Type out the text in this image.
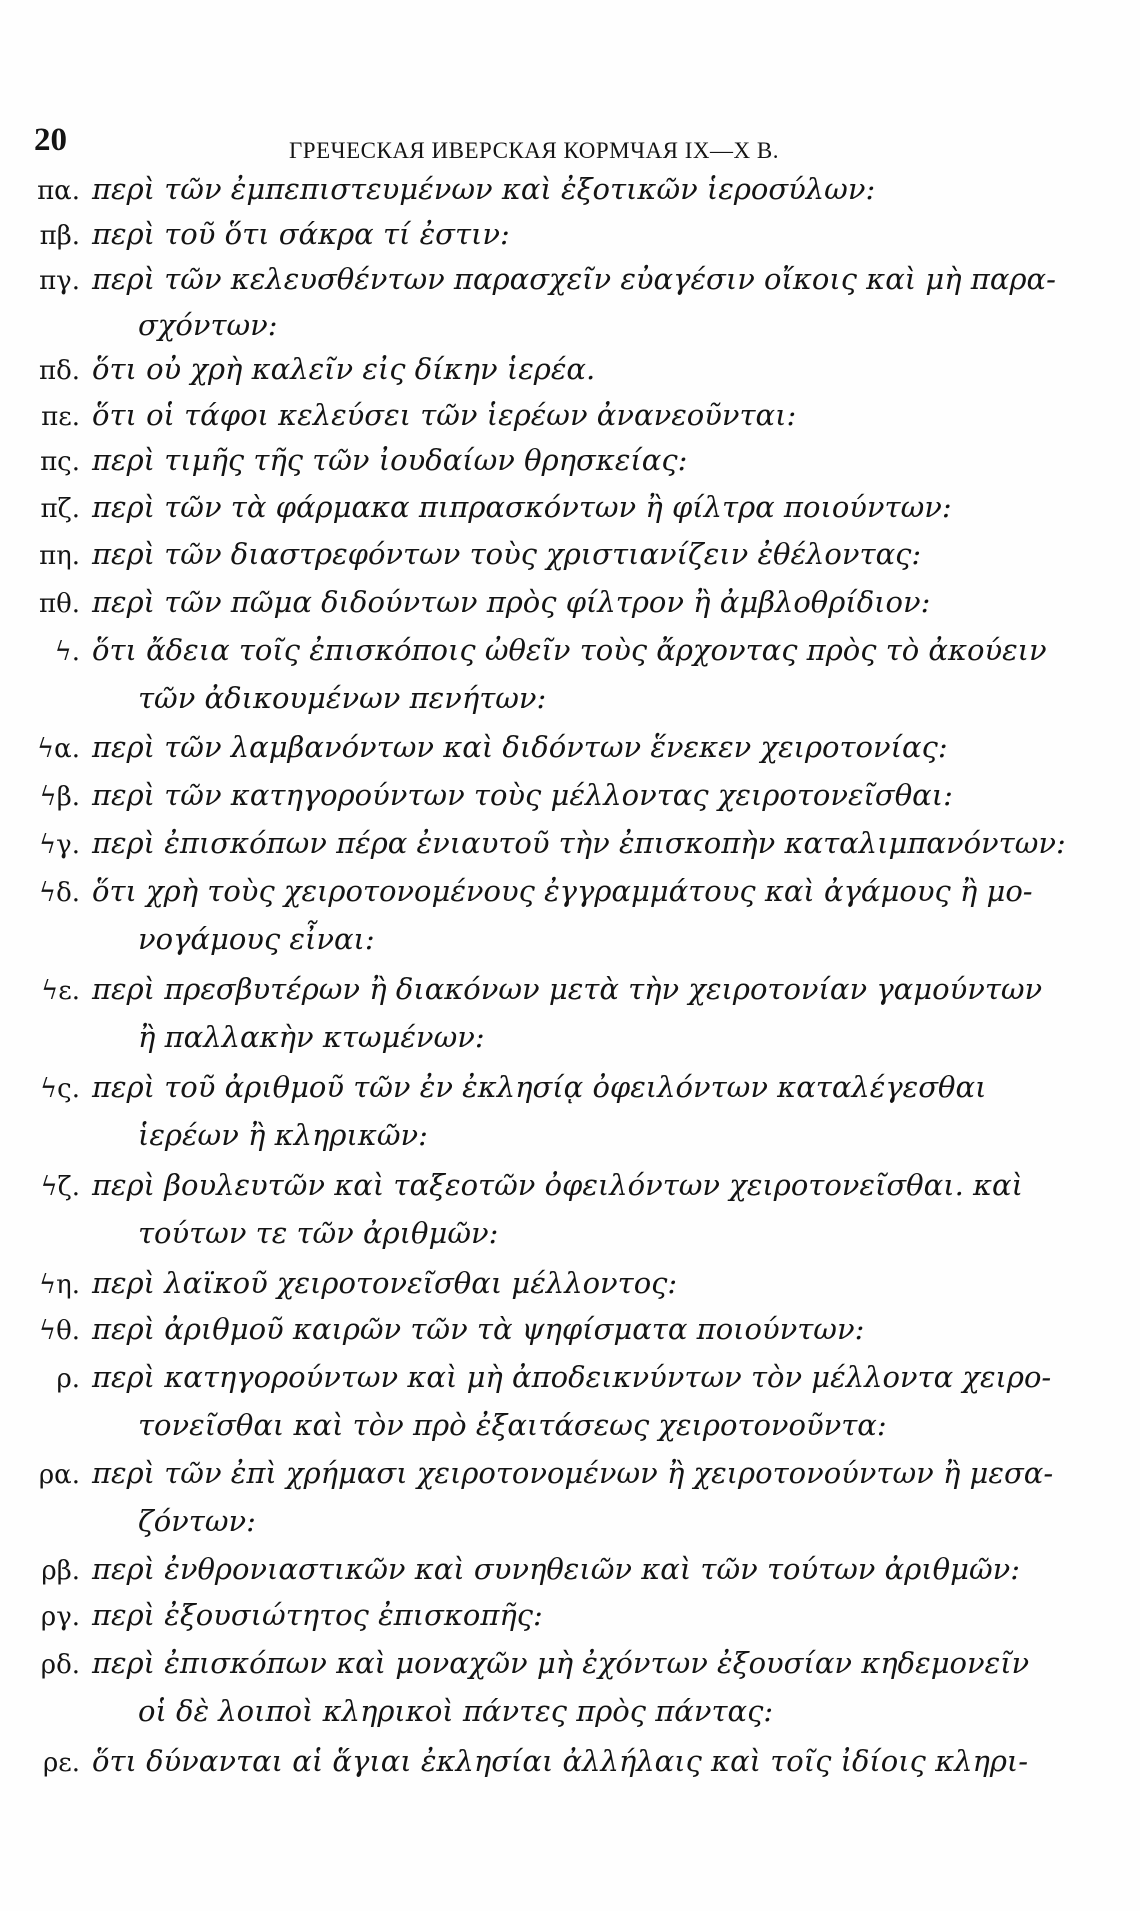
20	ГРЕЧЕСКАЯ ИВЕРСКАЯ КОРМЧАЯ IX—X В.
πα. περὶ τῶν ἐμπεπιστευμένων καὶ ἐξοτικῶν ἱεροσύλων:
πβ. περὶ τοῦ ὅτι σάκρα τί ἐστιν:
πγ. περὶ τῶν κελευσθέντων παρασχεῖν εὐαγέσιν οἴκοις καὶ μὴ παρα-
σχόντων:
πδ. ὅτι οὐ χρὴ καλεῖν εἰς δίκην ἱερέα.
πε. ὅτι οἱ τάφοι κελεύσει τῶν ἱερέων ἀνανεοῦνται:
πς. περὶ τιμῆς τῆς τῶν ἰουδαίων θρησκείας:
πζ. περὶ τῶν τὰ φάρμακα πιπρασκόντων ἢ φίλτρα ποιούντων:
πη. περὶ τῶν διαστρεφόντων τοὺς χριστιανίζειν ἐθέλοντας:
πθ. περὶ τῶν πῶμα διδούντων πρὸς φίλτρον ἢ ἀμβλοθρίδιον:
ϟ. ὅτι ἄδεια τοῖς ἐπισκόποις ὠθεῖν τοὺς ἄρχοντας πρὸς τὸ ἀκούειν
τῶν ἀδικουμένων πενήτων:
ϟα. περὶ τῶν λαμβανόντων καὶ διδόντων ἕνεκεν χειροτονίας:
ϟβ. περὶ τῶν κατηγορούντων τοὺς μέλλοντας χειροτονεῖσθαι:
ϟγ. περὶ ἐπισκόπων πέρα ἐνιαυτοῦ τὴν ἐπισκοπὴν καταλιμπανόντων:
ϟδ. ὅτι χρὴ τοὺς χειροτονομένους ἐγγραμμάτους καὶ ἀγάμους ἢ μο-
νογάμους εἶναι:
ϟε. περὶ πρεσβυτέρων ἢ διακόνων μετὰ τὴν χειροτονίαν γαμούντων
ἢ παλλακὴν κτωμένων:
ϟς. περὶ τοῦ ἀριθμοῦ τῶν ἐν ἐκλησίᾳ ὀφειλόντων καταλέγεσθαι
ἱερέων ἢ κληρικῶν:
ϟζ. περὶ βουλευτῶν καὶ ταξεοτῶν ὀφειλόντων χειροτονεῖσθαι. καὶ
τούτων τε τῶν ἀριθμῶν:
ϟη. περὶ λαϊκοῦ χειροτονεῖσθαι μέλλοντος:
ϟθ. περὶ ἀριθμοῦ καιρῶν τῶν τὰ ψηφίσματα ποιούντων:
ρ. περὶ κατηγορούντων καὶ μὴ ἀποδεικνύντων τὸν μέλλοντα χειρο-
τονεῖσθαι καὶ τὸν πρὸ ἐξαιτάσεως χειροτονοῦντα:
ρα. περὶ τῶν ἐπὶ χρήμασι χειροτονομένων ἢ χειροτονούντων ἢ μεσα-
ζόντων:
ρβ. περὶ ἐνθρονιαστικῶν καὶ συνηθειῶν καὶ τῶν τούτων ἀριθμῶν:
ργ. περὶ ἐξουσιώτητος ἐπισκοπῆς:
ρδ. περὶ ἐπισκόπων καὶ μοναχῶν μὴ ἐχόντων ἐξουσίαν κηδεμονεῖν
οἱ δὲ λοιποὶ κληρικοὶ πάντες πρὸς πάντας:
ρε. ὅτι δύνανται αἱ ἅγιαι ἐκλησίαι ἀλλήλαις καὶ τοῖς ἰδίοις κληρι-
